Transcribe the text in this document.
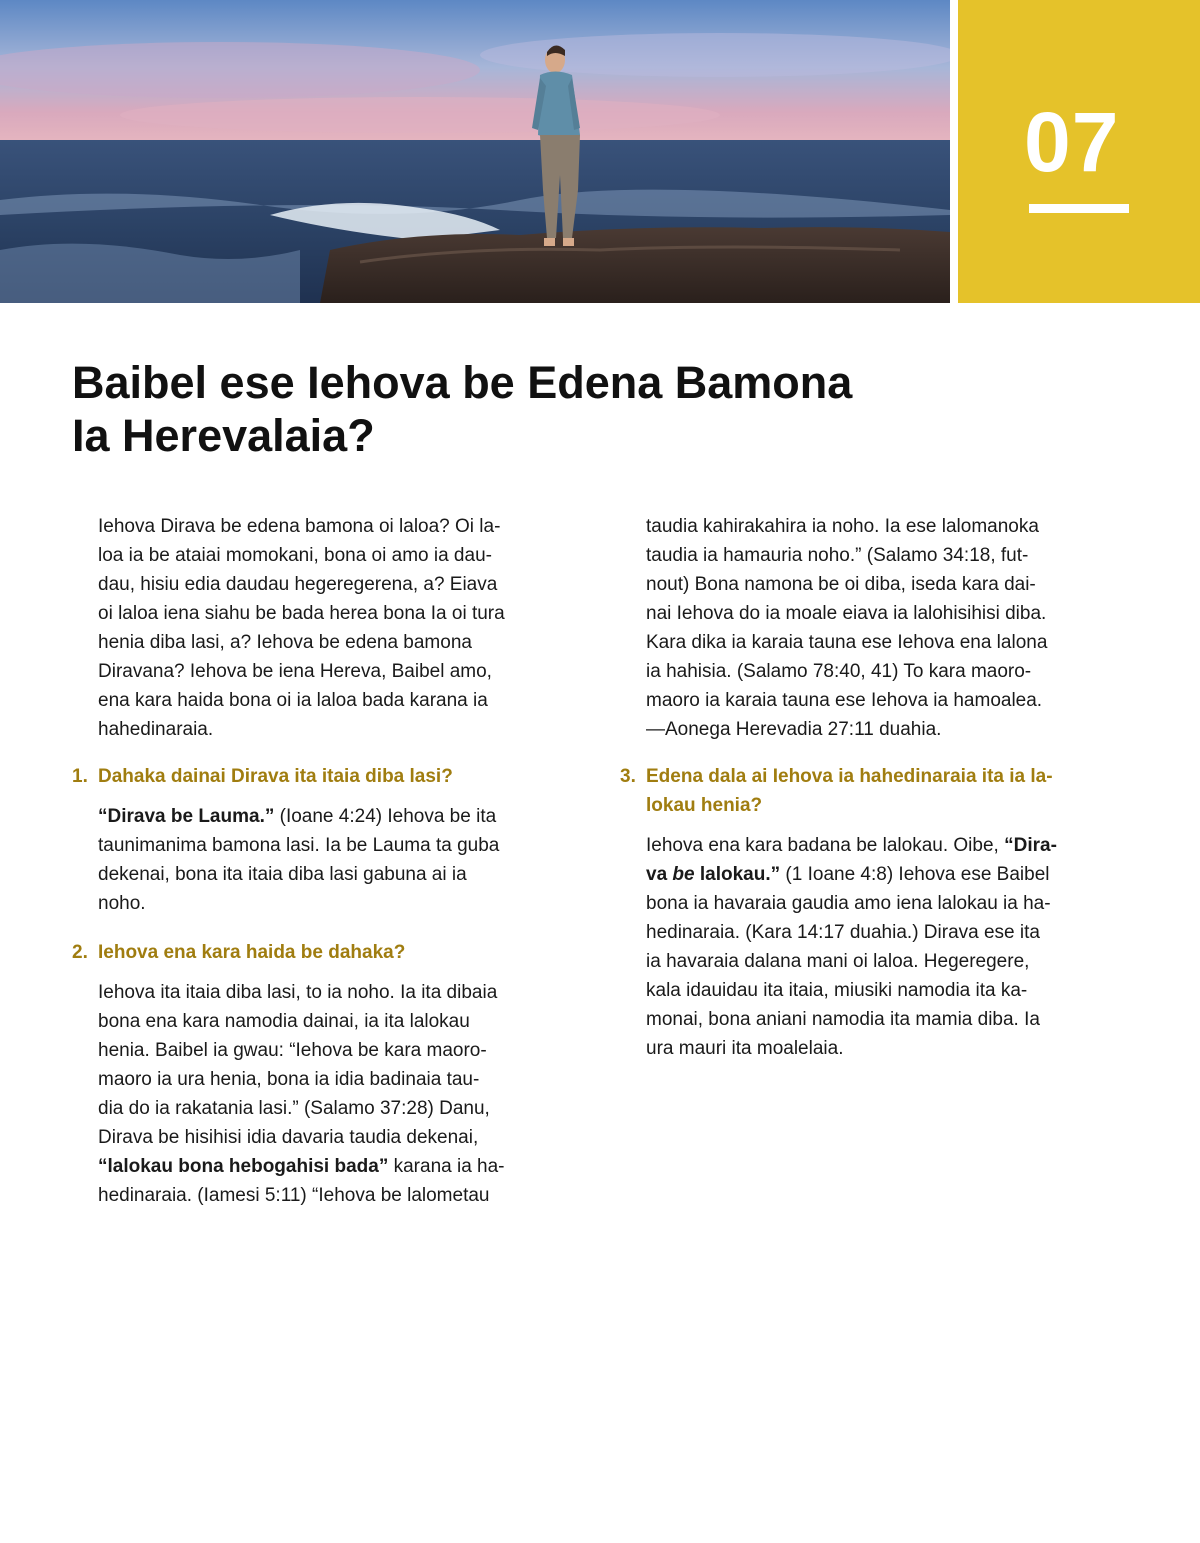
07
Baibel ese Iehova be Edena Bamona
Ia Herevalaia?

Iehova Dirava be edena bamona oi laloa? Oi la-
loa ia be ataiai momokani, bona oi amo ia dau-
dau, hisiu edia daudau hegeregerena, a? Eiava
oi laloa iena siahu be bada herea bona Ia oi tura
henia diba lasi, a? Iehova be edena bamona
Diravana? Iehova be iena Hereva, Baibel amo,
ena kara haida bona oi ia laloa bada karana ia
hahedinaraia.

1. Dahaka dainai Dirava ita itaia diba lasi?

“Dirava be Lauma.” (Ioane 4:24) Iehova be ita
taunimanima bamona lasi. Ia be Lauma ta guba
dekenai, bona ita itaia diba lasi gabuna ai ia
noho.

2. Iehova ena kara haida be dahaka?

Iehova ita itaia diba lasi, to ia noho. Ia ita dibaia
bona ena kara namodia dainai, ia ita lalokau
henia. Baibel ia gwau: “Iehova be kara maoro-
maoro ia ura henia, bona ia idia badinaia tau-
dia do ia rakatania lasi.” (Salamo 37:28) Danu,
Dirava be hisihisi idia davaria taudia dekenai,
“lalokau bona hebogahisi bada” karana ia ha-
hedinaraia. (Iamesi 5:11) “Iehova be lalometau

taudia kahirakahira ia noho. Ia ese lalomanoka
taudia ia hamauria noho.” (Salamo 34:18, fut-
nout) Bona namona be oi diba, iseda kara dai-
nai Iehova do ia moale eiava ia lalohisihisi diba.
Kara dika ia karaia tauna ese Iehova ena lalona
ia hahisia. (Salamo 78:40, 41) To kara maoro-
maoro ia karaia tauna ese Iehova ia hamoalea.
—Aonega Herevadia 27:11 duahia.

3. Edena dala ai Iehova ia hahedinaraia ita ia la-
lokau henia?

Iehova ena kara badana be lalokau. Oibe, “Dira-
va be lalokau.” (1 Ioane 4:8) Iehova ese Baibel
bona ia havaraia gaudia amo iena lalokau ia ha-
hedinaraia. (Kara 14:17 duahia.) Dirava ese ita
ia havaraia dalana mani oi laloa. Hegeregere,
kala idauidau ita itaia, miusiki namodia ita ka-
monai, bona aniani namodia ita mamia diba. Ia
ura mauri ita moalelaia.
